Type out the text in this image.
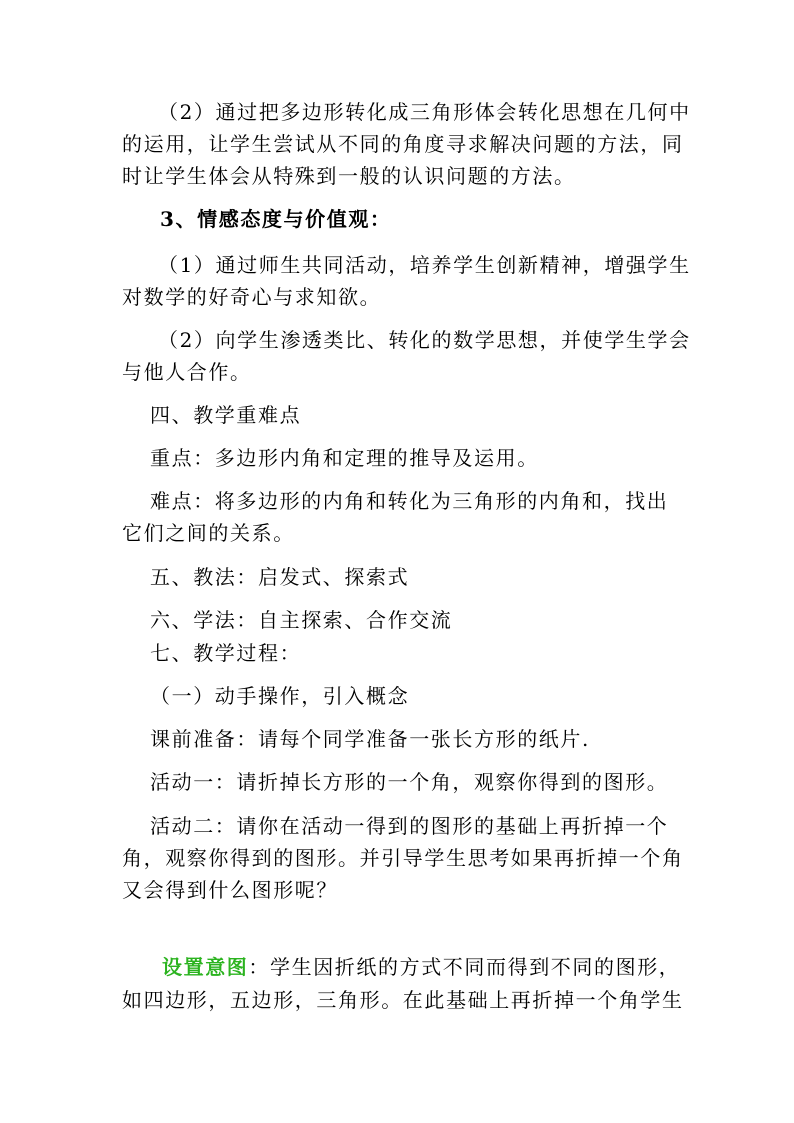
（2）通过把多边形转化成三角形体会转化思想在几何中
的运用，让学生尝试从不同的角度寻求解决问题的方法，同
时让学生体会从特殊到一般的认识问题的方法。
3、情感态度与价值观：
（1）通过师生共同活动，培养学生创新精神，增强学生
对数学的好奇心与求知欲。
（2）向学生渗透类比、转化的数学思想，并使学生学会
与他人合作。
四、教学重难点
重点：多边形内角和定理的推导及运用。
难点：将多边形的内角和转化为三角形的内角和，找出
它们之间的关系。
五、教法：启发式、探索式
六、学法：自主探索、合作交流
七、教学过程：
（一）动手操作，引入概念
课前准备：请每个同学准备一张长方形的纸片.
活动一：请折掉长方形的一个角，观察你得到的图形。
活动二：请你在活动一得到的图形的基础上再折掉一个
角，观察你得到的图形。并引导学生思考如果再折掉一个角
又会得到什么图形呢？
设置意图：学生因折纸的方式不同而得到不同的图形，
如四边形，五边形，三角形。在此基础上再折掉一个角学生
